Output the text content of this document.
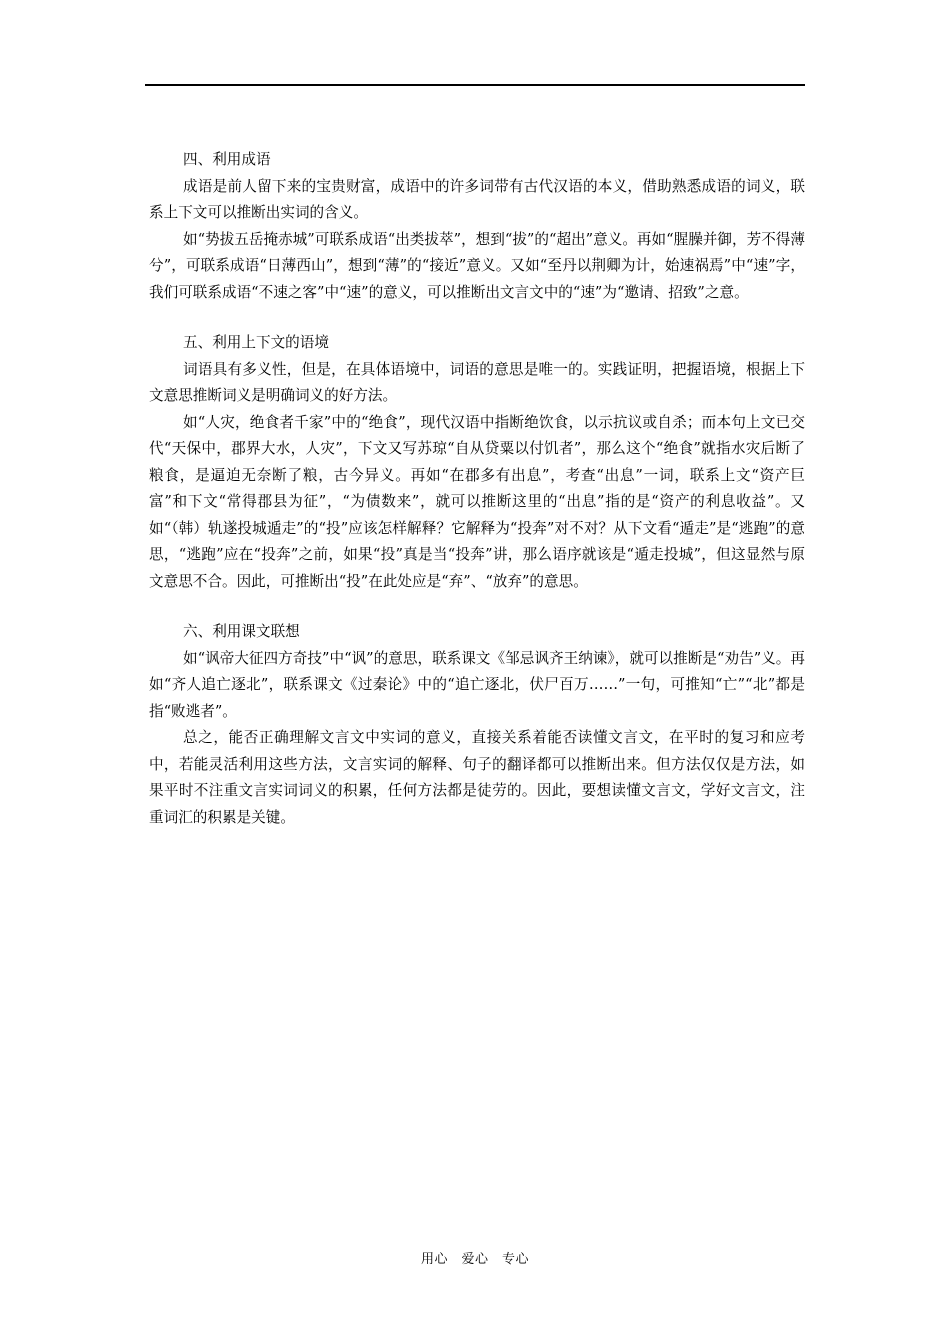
四、利用成语

成语是前人留下来的宝贵财富，成语中的许多词带有古代汉语的本义，借助熟悉成语的词义，联系上下文可以推断出实词的含义。

如“势拔五岳掩赤城”可联系成语“出类拔萃”，想到“拔”的“超出”意义。再如“腥臊并御，芳不得薄兮”，可联系成语“日薄西山”，想到“薄”的“接近”意义。又如“至丹以荆卿为计，始速祸焉”中“速”字，我们可联系成语“不速之客”中“速”的意义，可以推断出文言文中的“速”为“邀请、招致”之意。

五、利用上下文的语境

词语具有多义性，但是，在具体语境中，词语的意思是唯一的。实践证明，把握语境，根据上下文意思推断词义是明确词义的好方法。

如“人灾，绝食者千家”中的“绝食”，现代汉语中指断绝饮食，以示抗议或自杀；而本句上文已交代“天保中，郡界大水，人灾”，下文又写苏琼“自从贷粟以付饥者”，那么这个“绝食”就指水灾后断了粮食，是逼迫无奈断了粮，古今异义。再如“在郡多有出息”，考查“出息”一词，联系上文“资产巨富”和下文“常得郡县为征”，“为债数来”，就可以推断这里的“出息”指的是“资产的利息收益”。又如“（韩）轨遂投城遁走”的“投”应该怎样解释？它解释为“投奔”对不对？从下文看“遁走”是“逃跑”的意思，“逃跑”应在“投奔”之前，如果“投”真是当“投奔”讲，那么语序就该是“遁走投城”，但这显然与原文意思不合。因此，可推断出“投”在此处应是“弃”、“放弃”的意思。

六、利用课文联想

如“讽帝大征四方奇技”中“讽”的意思，联系课文《邹忌讽齐王纳谏》，就可以推断是“劝告”义。再如“齐人追亡逐北”，联系课文《过秦论》中的“追亡逐北，伏尸百万……”一句，可推知“亡”“北”都是指“败逃者”。

总之，能否正确理解文言文中实词的意义，直接关系着能否读懂文言文，在平时的复习和应考中，若能灵活利用这些方法，文言实词的解释、句子的翻译都可以推断出来。但方法仅仅是方法，如果平时不注重文言实词词义的积累，任何方法都是徒劳的。因此，要想读懂文言文，学好文言文，注重词汇的积累是关键。

用心　爱心　专心
